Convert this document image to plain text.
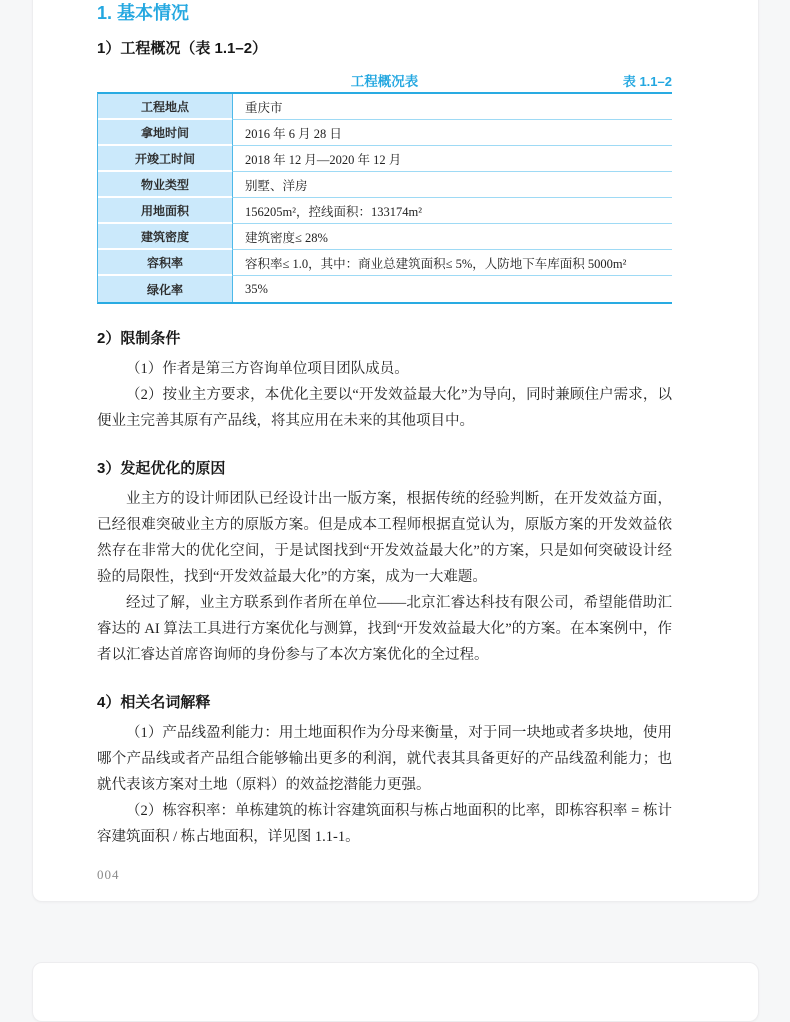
1. 基本情况
1）工程概况（表 1.1–2）
工程概况表	表 1.1–2
工程地点	重庆市
拿地时间	2016 年 6 月 28 日
开竣工时间	2018 年 12 月—2020 年 12 月
物业类型	别墅、洋房
用地面积	156205m²，控线面积：133174m²
建筑密度	建筑密度≤ 28%
容积率	容积率≤ 1.0，其中：商业总建筑面积≤ 5%，人防地下车库面积 5000m²
绿化率	35%
2）限制条件

（1）作者是第三方咨询单位项目团队成员。

（2）按业主方要求，本优化主要以“开发效益最大化”为导向，同时兼顾住户需求，以便业主完善其原有产品线，将其应用在未来的其他项目中。

3）发起优化的原因

业主方的设计师团队已经设计出一版方案，根据传统的经验判断，在开发效益方面，已经很难突破业主方的原版方案。但是成本工程师根据直觉认为，原版方案的开发效益依然存在非常大的优化空间，于是试图找到“开发效益最大化”的方案，只是如何突破设计经验的局限性，找到“开发效益最大化”的方案，成为一大难题。

经过了解，业主方联系到作者所在单位——北京汇睿达科技有限公司，希望能借助汇睿达的 AI 算法工具进行方案优化与测算，找到“开发效益最大化”的方案。在本案例中，作者以汇睿达首席咨询师的身份参与了本次方案优化的全过程。

4）相关名词解释

（1）产品线盈利能力：用土地面积作为分母来衡量，对于同一块地或者多块地，使用哪个产品线或者产品组合能够输出更多的利润，就代表其具备更好的产品线盈利能力；也就代表该方案对土地（原料）的效益挖潜能力更强。

（2）栋容积率：单栋建筑的栋计容建筑面积与栋占地面积的比率，即栋容积率 = 栋计容建筑面积 / 栋占地面积，详见图 1.1-1。

004
